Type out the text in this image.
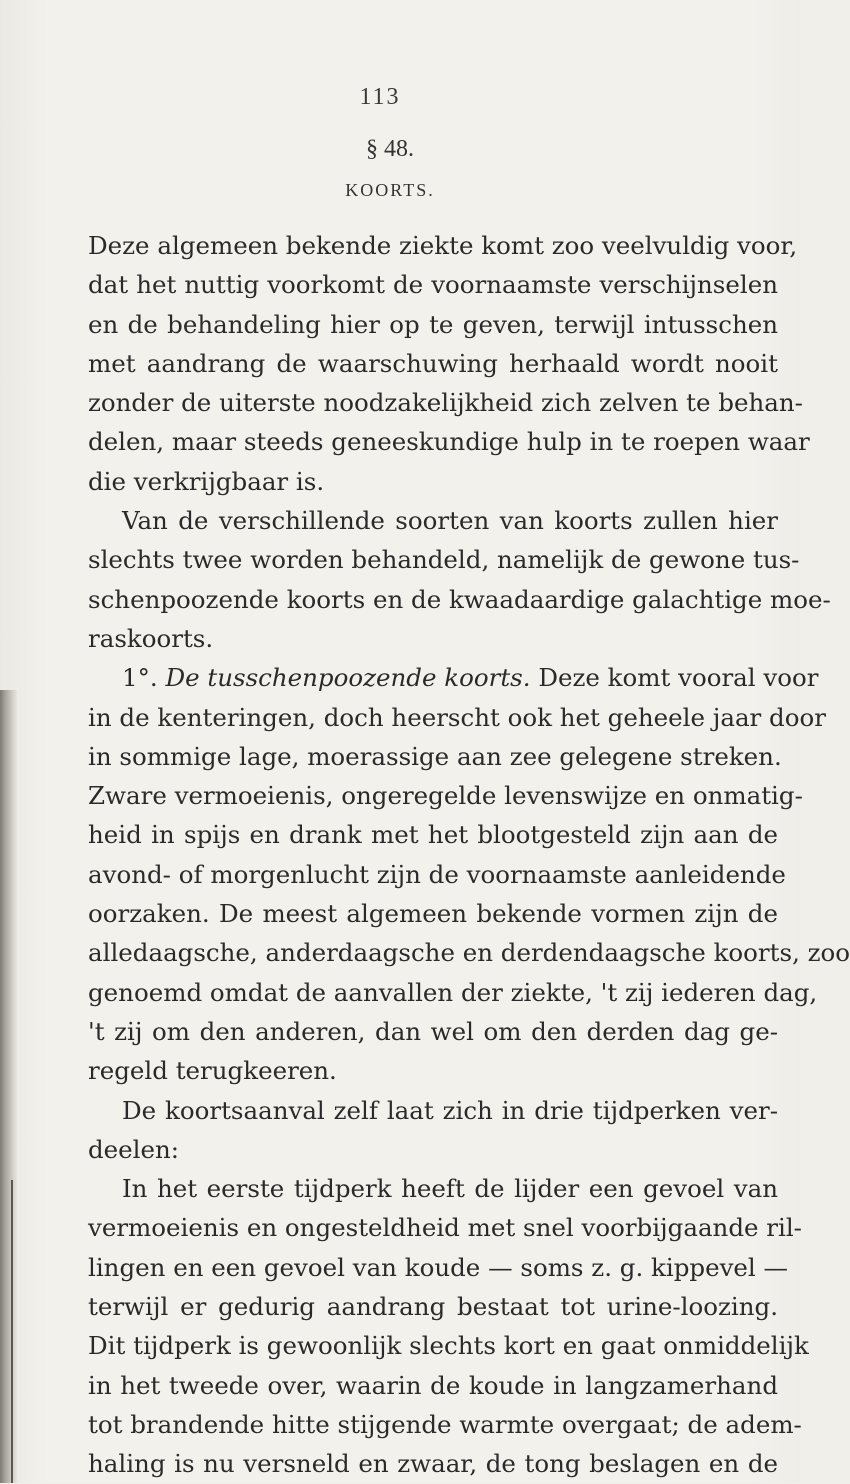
113
§ 48.
KOORTS.
Deze algemeen bekende ziekte komt zoo veelvuldig voor,
dat het nuttig voorkomt de voornaamste verschijnselen
en de behandeling hier op te geven, terwijl intusschen
met aandrang de waarschuwing herhaald wordt nooit
zonder de uiterste noodzakelijkheid zich zelven te behan-
delen, maar steeds geneeskundige hulp in te roepen waar
die verkrijgbaar is.
Van de verschillende soorten van koorts zullen hier
slechts twee worden behandeld, namelijk de gewone tus-
schenpoozende koorts en de kwaadaardige galachtige moe-
raskoorts.
1°. De tusschenpoozende koorts. Deze komt vooral voor
in de kenteringen, doch heerscht ook het geheele jaar door
in sommige lage, moerassige aan zee gelegene streken.
Zware vermoeienis, ongeregelde levenswijze en onmatig-
heid in spijs en drank met het blootgesteld zijn aan de
avond- of morgenlucht zijn de voornaamste aanleidende
oorzaken. De meest algemeen bekende vormen zijn de
alledaagsche, anderdaagsche en derdendaagsche koorts, zoo
genoemd omdat de aanvallen der ziekte, 't zij iederen dag,
't zij om den anderen, dan wel om den derden dag ge-
regeld terugkeeren.
De koortsaanval zelf laat zich in drie tijdperken ver-
deelen:
In het eerste tijdperk heeft de lijder een gevoel van
vermoeienis en ongesteldheid met snel voorbijgaande ril-
lingen en een gevoel van koude — soms z. g. kippevel —
terwijl er gedurig aandrang bestaat tot urine-loozing.
Dit tijdperk is gewoonlijk slechts kort en gaat onmiddelijk
in het tweede over, waarin de koude in langzamerhand
tot brandende hitte stijgende warmte overgaat; de adem-
haling is nu versneld en zwaar, de tong beslagen en de
